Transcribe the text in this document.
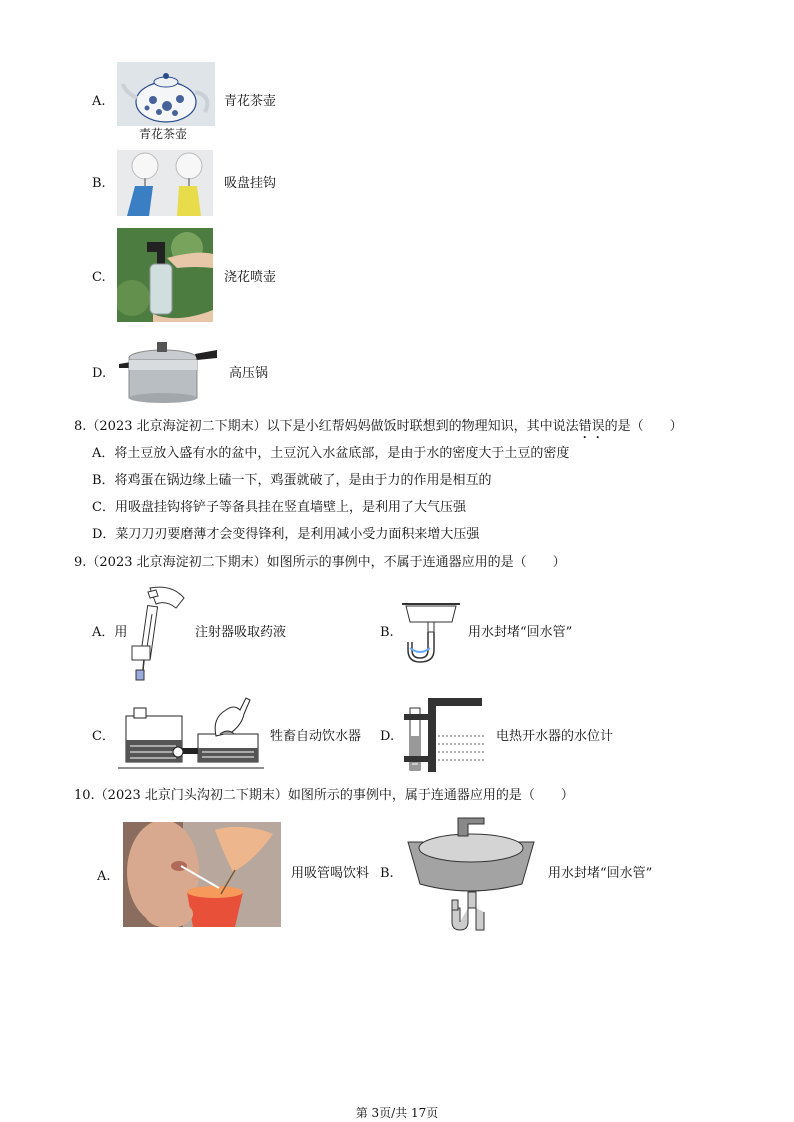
A.
青花茶壶
青花茶壶
B.	吸盘挂钩
C.	浇花喷壶
D.	高压锅
8.（2023 北京海淀初二下期末）以下是小红帮妈妈做饭时联想到的物理知识，其中说法错误的是（　　）
A．将土豆放入盛有水的盆中，土豆沉入水盆底部，是由于水的密度大于土豆的密度
B．将鸡蛋在锅边缘上磕一下，鸡蛋就破了，是由于力的作用是相互的
C．用吸盘挂钩将铲子等备具挂在竖直墙壁上，是利用了大气压强
D．菜刀刀刃要磨薄才会变得锋利，是利用减小受力面积来增大压强
9.（2023 北京海淀初二下期末）如图所示的事例中，不属于连通器应用的是（　　）
A．用	注射器吸取药液	B.	用水封堵“回水管”
C．	牲畜自动饮水器 D.	电热开水器的水位计
10.（2023 北京门头沟初二下期末）如图所示的事例中，属于连通器应用的是（　　）
A.	用吸管喝饮料 B.	用水封堵“回水管”
第 3页/共 17页
